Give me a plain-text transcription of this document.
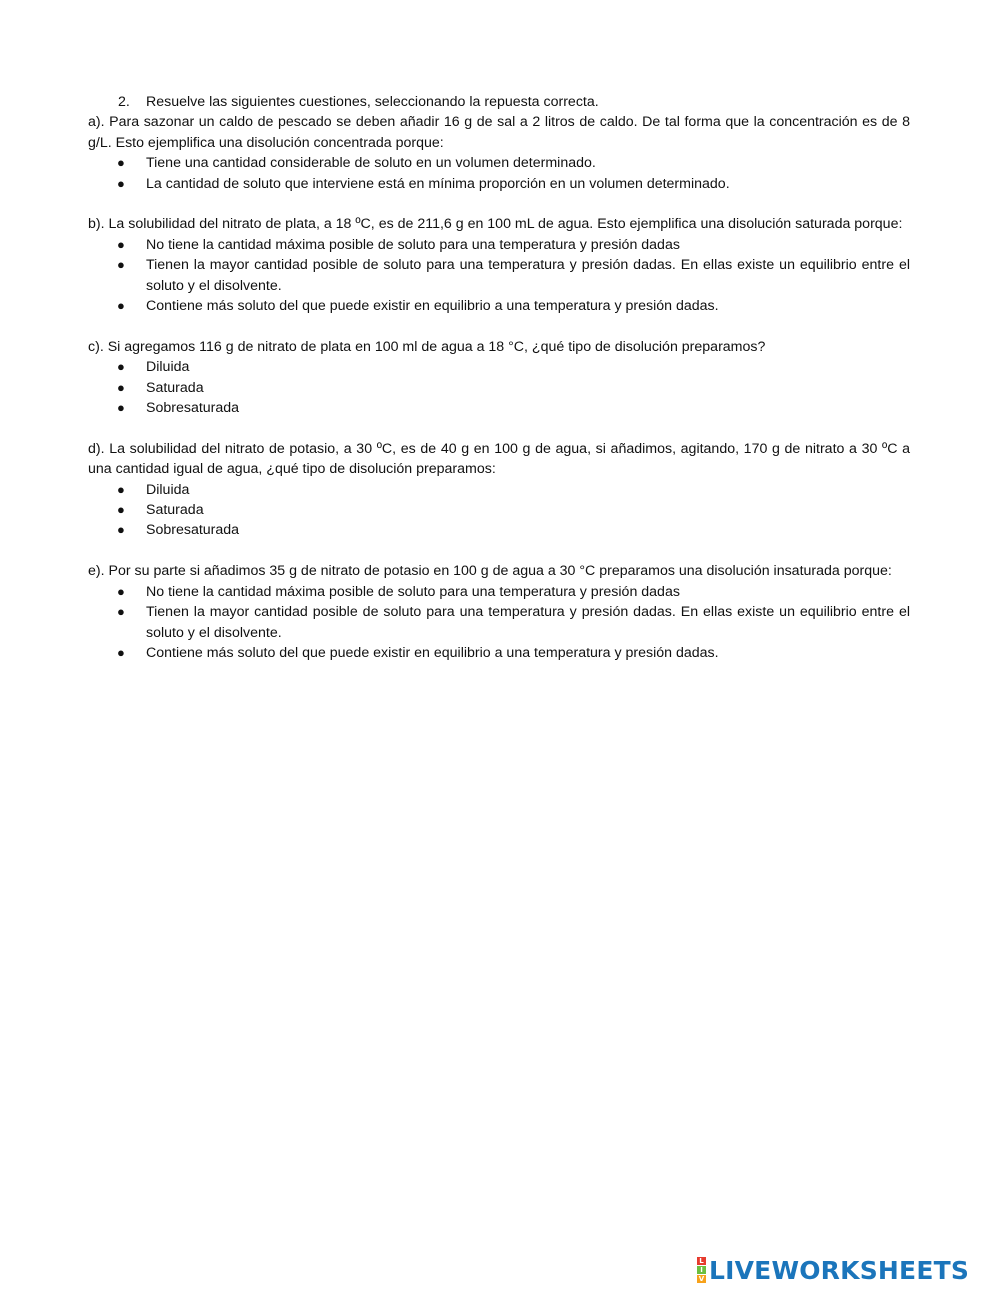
2.	Resuelve las siguientes cuestiones, seleccionando la repuesta correcta.

a). Para sazonar un caldo de pescado se deben añadir 16 g de sal a 2 litros de caldo. De tal forma que la concentración es de 8 g/L. Esto ejemplifica una disolución concentrada porque:

● Tiene una cantidad considerable de soluto en un volumen determinado.
● La cantidad de soluto que interviene está en mínima proporción en un volumen determinado.

b). La solubilidad del nitrato de plata, a 18 ºC, es de 211,6 g en 100 mL de agua. Esto ejemplifica una disolución saturada porque:

● No tiene la cantidad máxima posible de soluto para una temperatura y presión dadas
● Tienen la mayor cantidad posible de soluto para una temperatura y presión dadas. En ellas existe un equilibrio entre el soluto y el disolvente.
● Contiene más soluto del que puede existir en equilibrio a una temperatura y presión dadas.

c). Si agregamos 116 g de nitrato de plata en 100 ml de agua a 18 °C, ¿qué tipo de disolución preparamos?

● Diluida
● Saturada
● Sobresaturada

d). La solubilidad del nitrato de potasio, a 30 ºC, es de 40 g en 100 g de agua, si añadimos, agitando, 170 g de nitrato a 30 ºC a una cantidad igual de agua, ¿qué tipo de disolución preparamos:

● Diluida
● Saturada
● Sobresaturada

e). Por su parte si añadimos 35 g de nitrato de potasio en 100 g de agua a 30 °C preparamos una disolución insaturada porque:

● No tiene la cantidad máxima posible de soluto para una temperatura y presión dadas
● Tienen la mayor cantidad posible de soluto para una temperatura y presión dadas. En ellas existe un equilibrio entre el soluto y el disolvente.
● Contiene más soluto del que puede existir en equilibrio a una temperatura y presión dadas.
L
I
V LIVEWORKSHEETS
